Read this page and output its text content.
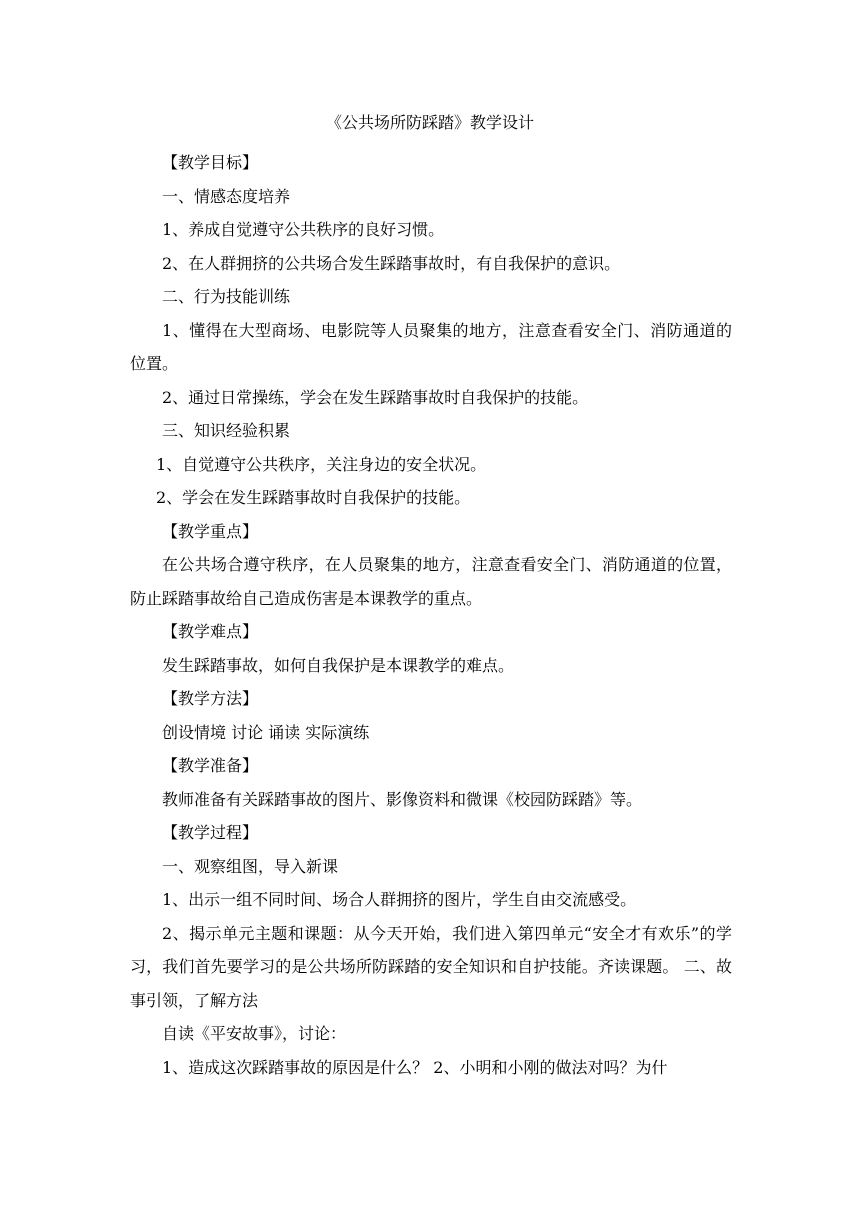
《公共场所防踩踏》教学设计

【教学目标】

一、情感态度培养

1、养成自觉遵守公共秩序的良好习惯。

2、在人群拥挤的公共场合发生踩踏事故时，有自我保护的意识。

二、行为技能训练

1、懂得在大型商场、电影院等人员聚集的地方，注意查看安全门、消防通道的位置。

2、通过日常操练，学会在发生踩踏事故时自我保护的技能。

三、知识经验积累

1、自觉遵守公共秩序，关注身边的安全状况。

2、学会在发生踩踏事故时自我保护的技能。

【教学重点】

在公共场合遵守秩序，在人员聚集的地方，注意查看安全门、消防通道的位置，防止踩踏事故给自己造成伤害是本课教学的重点。

【教学难点】

发生踩踏事故，如何自我保护是本课教学的难点。

【教学方法】

创设情境 讨论 诵读 实际演练

【教学准备】

教师准备有关踩踏事故的图片、影像资料和微课《校园防踩踏》等。

【教学过程】

一、观察组图，导入新课

1、出示一组不同时间、场合人群拥挤的图片，学生自由交流感受。

2、揭示单元主题和课题：从今天开始，我们进入第四单元“安全才有欢乐”的学习，我们首先要学习的是公共场所防踩踏的安全知识和自护技能。齐读课题。 二、故事引领，了解方法

自读《平安故事》，讨论：

1、造成这次踩踏事故的原因是什么？ 2、小明和小刚的做法对吗？为什
